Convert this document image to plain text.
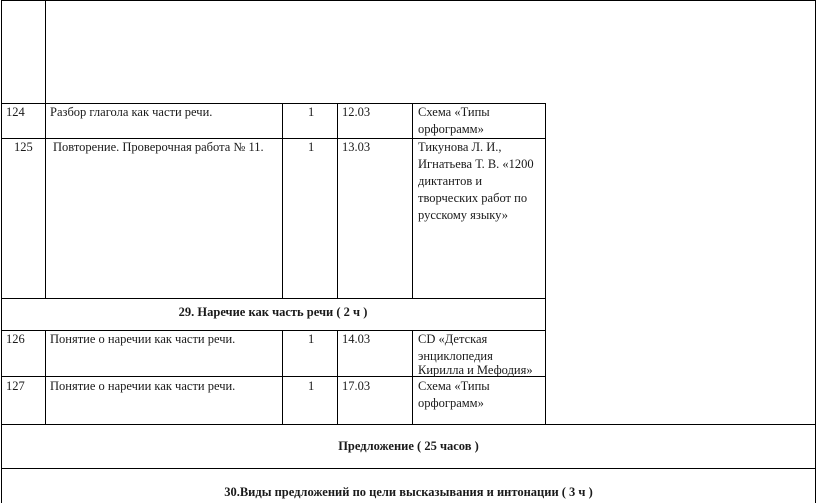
124 Разбор глагола как части речи.	1 12.03	Схема «Типы
орфограмм»
125 Повторение. Проверочная работа № 11.	1 13.03	Тикунова Л. И.,
Игнатьева Т. В. «1200
диктантов и
творческих работ по
русскому языку»
29. Наречие как часть речи ( 2 ч )
126 Понятие о наречии как части речи.	1 14.03	CD «Детская
энциклопедия
Кирилла и Мефодия»
127 Понятие о наречии как части речи.	1 17.03	Схема «Типы
орфограмм»
Предложение ( 25 часов )
30.Виды предложений по цели высказывания и интонации ( 3 ч )
